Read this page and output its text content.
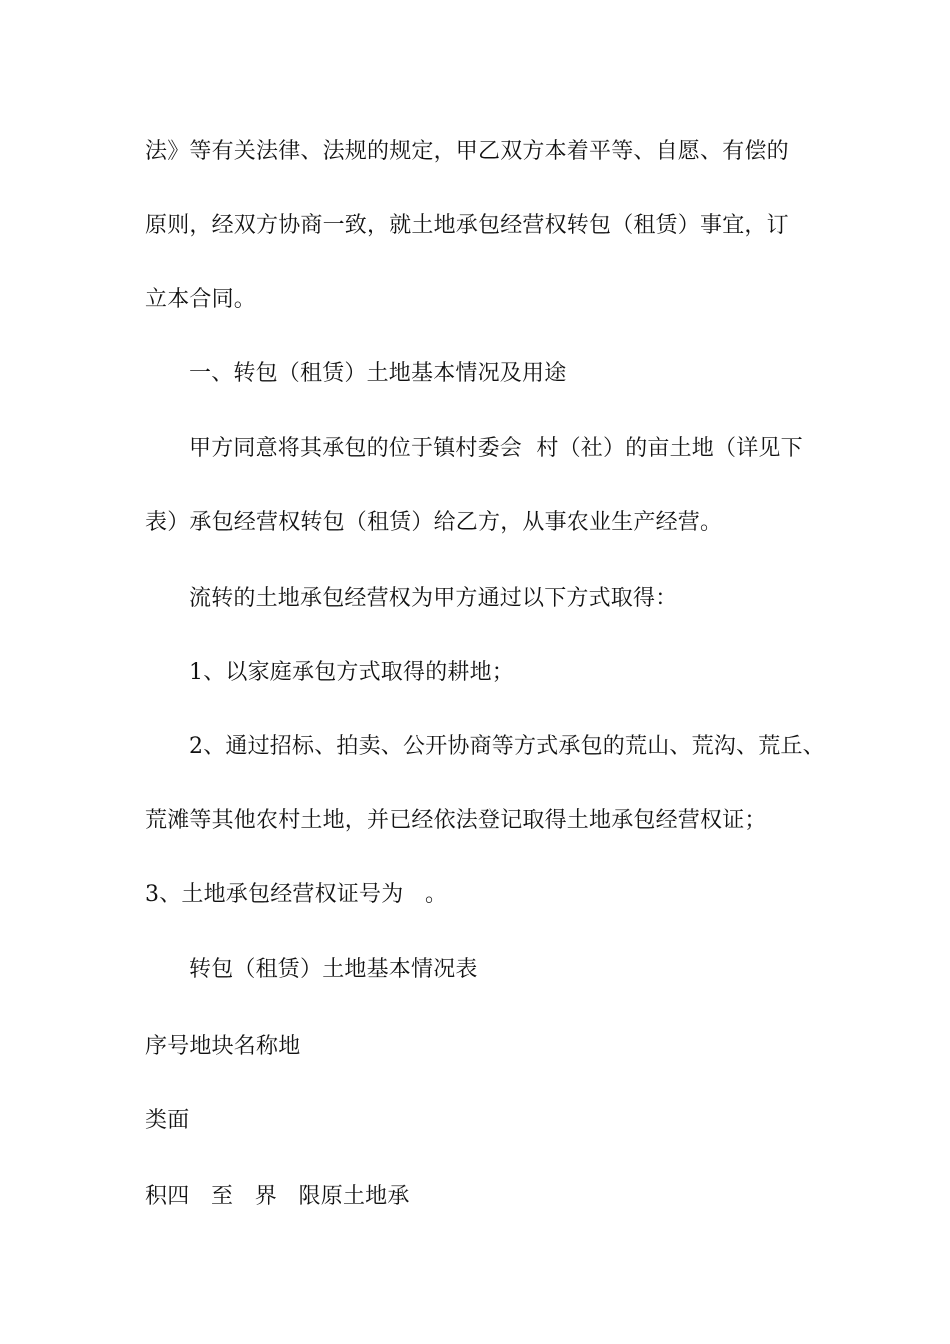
法》等有关法律、法规的规定，甲乙双方本着平等、自愿、有偿的
原则，经双方协商一致，就土地承包经营权转包（租赁）事宜，订
立本合同。
一、转包（租赁）土地基本情况及用途
甲方同意将其承包的位于镇村委会  村（社）的亩土地（详见下
表）承包经营权转包（租赁）给乙方，从事农业生产经营。
流转的土地承包经营权为甲方通过以下方式取得：
1、以家庭承包方式取得的耕地；
2、通过招标、拍卖、公开协商等方式承包的荒山、荒沟、荒丘、
荒滩等其他农村土地，并已经依法登记取得土地承包经营权证；
3、土地承包经营权证号为   。
转包（租赁）土地基本情况表
序号地块名称地
类面
积四   至   界   限原土地承
